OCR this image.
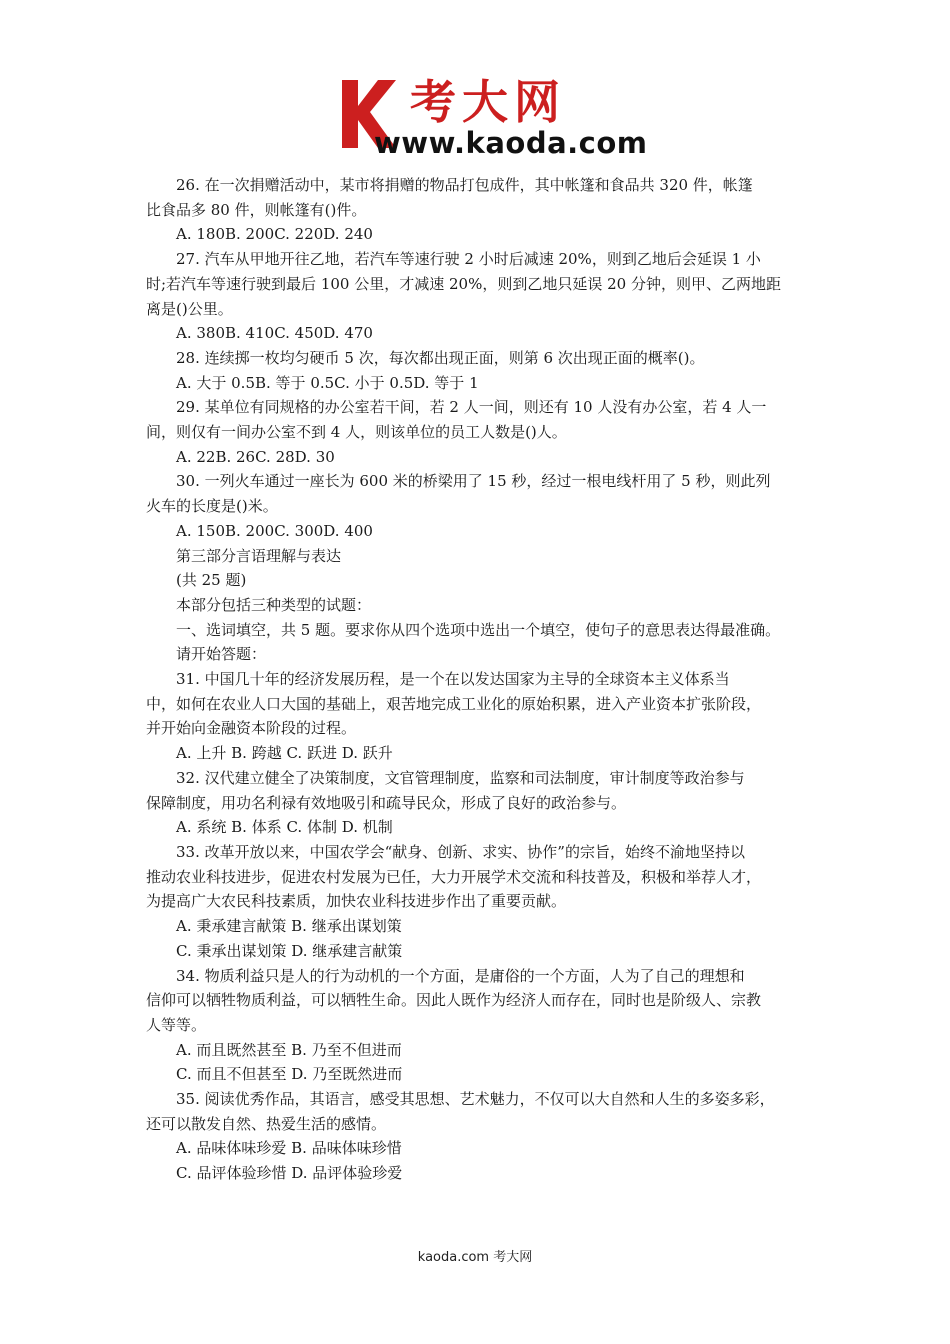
考大网
www.kaoda.com
26. 在一次捐赠活动中，某市将捐赠的物品打包成件，其中帐篷和食品共 320 件，帐篷
比食品多 80 件，则帐篷有()件。
A. 180B. 200C. 220D. 240
27. 汽车从甲地开往乙地，若汽车等速行驶 2 小时后减速 20%，则到乙地后会延误 1 小
时;若汽车等速行驶到最后 100 公里，才减速 20%，则到乙地只延误 20 分钟，则甲、乙两地距
离是()公里。
A. 380B. 410C. 450D. 470
28. 连续掷一枚均匀硬币 5 次，每次都出现正面，则第 6 次出现正面的概率()。
A. 大于 0.5B. 等于 0.5C. 小于 0.5D. 等于 1
29. 某单位有同规格的办公室若干间，若 2 人一间，则还有 10 人没有办公室，若 4 人一
间，则仅有一间办公室不到 4 人，则该单位的员工人数是()人。
A. 22B. 26C. 28D. 30
30. 一列火车通过一座长为 600 米的桥梁用了 15 秒，经过一根电线杆用了 5 秒，则此列
火车的长度是()米。
A. 150B. 200C. 300D. 400
第三部分言语理解与表达
(共 25 题)
本部分包括三种类型的试题：
一、选词填空，共 5 题。要求你从四个选项中选出一个填空，使句子的意思表达得最准确。
请开始答题：
31. 中国几十年的经济发展历程，是一个在以发达国家为主导的全球资本主义体系当
中，如何在农业人口大国的基础上，艰苦地完成工业化的原始积累，进入产业资本扩张阶段，
并开始向金融资本阶段的过程。
A. 上升 B. 跨越 C. 跃进 D. 跃升
32. 汉代建立健全了决策制度，文官管理制度，监察和司法制度，审计制度等政治参与
保障制度，用功名利禄有效地吸引和疏导民众，形成了良好的政治参与。
A. 系统 B. 体系 C. 体制 D. 机制
33. 改革开放以来，中国农学会“献身、创新、求实、协作”的宗旨，始终不渝地坚持以
推动农业科技进步，促进农村发展为已任，大力开展学术交流和科技普及，积极和举荐人才，
为提高广大农民科技素质，加快农业科技进步作出了重要贡献。
A. 秉承建言献策 B. 继承出谋划策
C. 秉承出谋划策 D. 继承建言献策
34. 物质利益只是人的行为动机的一个方面，是庸俗的一个方面，人为了自己的理想和
信仰可以牺牲物质利益，可以牺牲生命。因此人既作为经济人而存在，同时也是阶级人、宗教
人等等。
A. 而且既然甚至 B. 乃至不但进而
C. 而且不但甚至 D. 乃至既然进而
35. 阅读优秀作品，其语言，感受其思想、艺术魅力，不仅可以大自然和人生的多姿多彩，
还可以散发自然、热爱生活的感情。
A. 品味体味珍爱 B. 品味体味珍惜
C. 品评体验珍惜 D. 品评体验珍爱
kaoda.com 考大网
